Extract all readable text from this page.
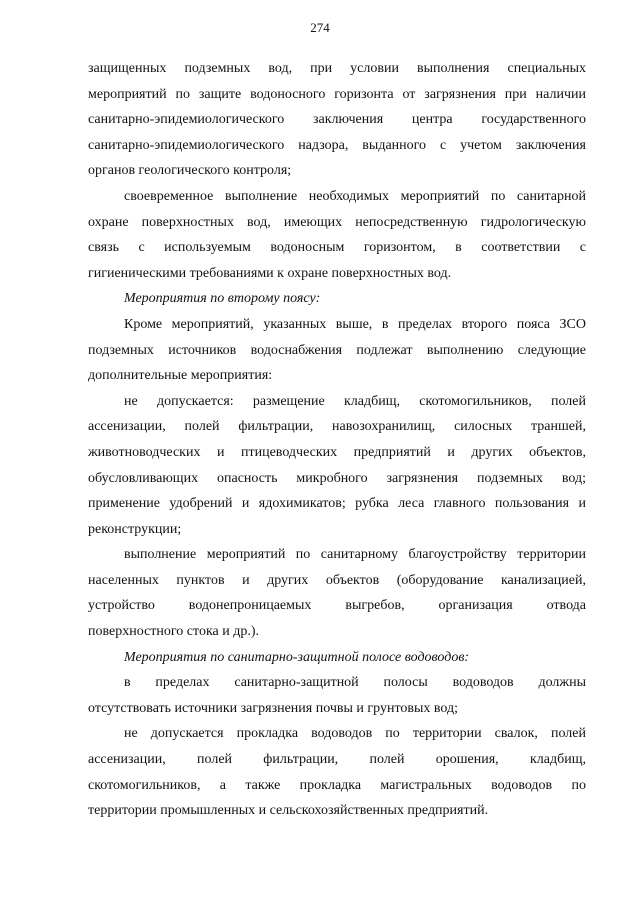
274
защищенных подземных вод, при условии выполнения специальных
мероприятий по защите водоносного горизонта от загрязнения при наличии
санитарно-эпидемиологического заключения центра государственного
санитарно-эпидемиологического надзора, выданного с учетом заключения
органов геологического контроля;
своевременное выполнение необходимых мероприятий по санитарной
охране поверхностных вод, имеющих непосредственную гидрологическую
связь с используемым водоносным горизонтом, в соответствии с
гигиеническими требованиями к охране поверхностных вод.
Мероприятия по второму поясу:
Кроме мероприятий, указанных выше, в пределах второго пояса ЗСО
подземных источников водоснабжения подлежат выполнению следующие
дополнительные мероприятия:
не допускается: размещение кладбищ, скотомогильников, полей
ассенизации, полей фильтрации, навозохранилищ, силосных траншей,
животноводческих и птицеводческих предприятий и других объектов,
обусловливающих опасность микробного загрязнения подземных вод;
применение удобрений и ядохимикатов; рубка леса главного пользования и
реконструкции;
выполнение мероприятий по санитарному благоустройству территории
населенных пунктов и других объектов (оборудование канализацией,
устройство водонепроницаемых выгребов, организация отвода
поверхностного стока и др.).
Мероприятия по санитарно-защитной полосе водоводов:
в пределах санитарно-защитной полосы водоводов должны
отсутствовать источники загрязнения почвы и грунтовых вод;
не допускается прокладка водоводов по территории свалок, полей
ассенизации, полей фильтрации, полей орошения, кладбищ,
скотомогильников, а также прокладка магистральных водоводов по
территории промышленных и сельскохозяйственных предприятий.
